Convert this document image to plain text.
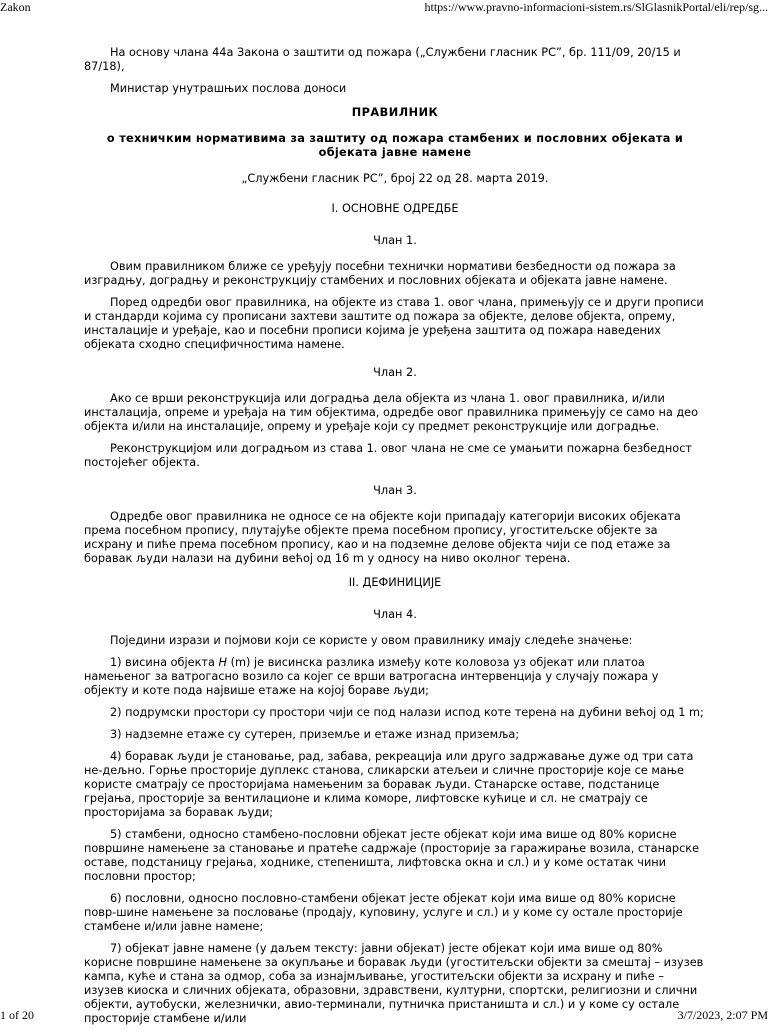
Zakon	https://www.pravno-informacioni-sistem.rs/SlGlasnikPortal/eli/rep/sg...

На основу члана 44а Закона о заштити од пожара („Службени гласник РС”, бр. 111/09, 20/15 и 87/18),

Министар унутрашњих послова доноси

ПРАВИЛНИК

о техничким нормативима за заштиту од пожара стамбених и пословних објеката и објеката јавне намене

„Службени гласник РС”, број 22 од 28. марта 2019.

I. ОСНОВНЕ ОДРЕДБЕ

Члан 1.

Овим правилником ближе се уређују посебни технички нормативи безбедности од пожара за изградњу, доградњу и реконструкцију стамбених и пословних објеката и објеката јавне намене.

Поред одредби овог правилника, на објекте из става 1. овог члана, примењују се и други прописи и стандарди којима су прописани захтеви заштите од пожара за објекте, делове објекта, опрему, инсталације и уређаје, као и посебни прописи којима је уређена заштита од пожара наведених објеката сходно специфичностима намене.

Члан 2.

Ако се врши реконструкција или доградња дела објекта из члана 1. овог правилника, и/или инсталација, опреме и уређаја на тим објектима, одредбе овог правилника примењују се само на део објекта и/или на инсталације, опрему и уређаје који су предмет реконструкције или доградње.

Реконструкцијом или доградњом из става 1. овог члана не сме се умањити пожарна безбедност постојећег објекта.

Члан 3.

Одредбе овог правилника не односе се на објекте који припадају категорији високих објеката према посебном пропису, плутајуће објекте према посебном пропису, угоститељске објекте за исхрану и пиће према посебном пропису, као и на подземне делове објекта чији се под етаже за боравак људи налази на дубини већој од 16 m у односу на ниво околног терена.

II. ДЕФИНИЦИЈЕ

Члан 4.

Поједини изрази и појмови који се користе у овом правилнику имају следеће значење:

1) висина објекта H (m) је висинска разлика између коте коловоза уз објекат или платоа намењеног за ватрогасно возило са којег се врши ватрогасна интервенција у случају пожара у објекту и коте пода највише етаже на којој бораве људи;

2) подрумски простори су простори чији се под налази испод коте терена на дубини већој од 1 m;

3) надземне етаже су сутерен, приземље и етаже изнад приземља;

4) боравак људи је становање, рад, забава, рекреација или друго задржавање дуже од три сата не-дељно. Горње просторије дуплекс станова, сликарски атељеи и сличне просторије које се мање користе сматрају се просторијама намењеним за боравак људи. Станарске оставе, подстанице грејања, просторије за вентилационе и клима коморе, лифтовске кућице и сл. не сматрају се просторијама за боравак људи;

5) стамбени, односно стамбено-пословни објекат јесте објекат који има више од 80% корисне површине намењене за становање и пратеће садржаје (просторије за гаражирање возила, станарске оставе, подстаницу грејања, ходнике, степеништа, лифтовска окна и сл.) и у коме остатак чини пословни простор;

6) пословни, односно пословно-стамбени објекат јесте објекат који има више од 80% корисне повр-шине намењене за пословање (продају, куповину, услуге и сл.) и у коме су остале просторије стамбене и/или јавне намене;

7) објекат јавне намене (у даљем тексту: јавни објекат) јесте објекат који има више од 80% корисне површине намењене за окупљање и боравак људи (угоститељски објекти за смештај – изузев кампа, куће и стана за одмор, соба за изнајмљивање, угоститељски објекти за исхрану и пиће – изузев киоска и сличних објеката, образовни, здравствени, културни, спортски, религиозни и слични објекти, аутобуски, железнички, авио-терминали, путничка пристаништа и сл.) и у коме су остале просторије стамбене и/или

1 of 20	3/7/2023, 2:07 PM
